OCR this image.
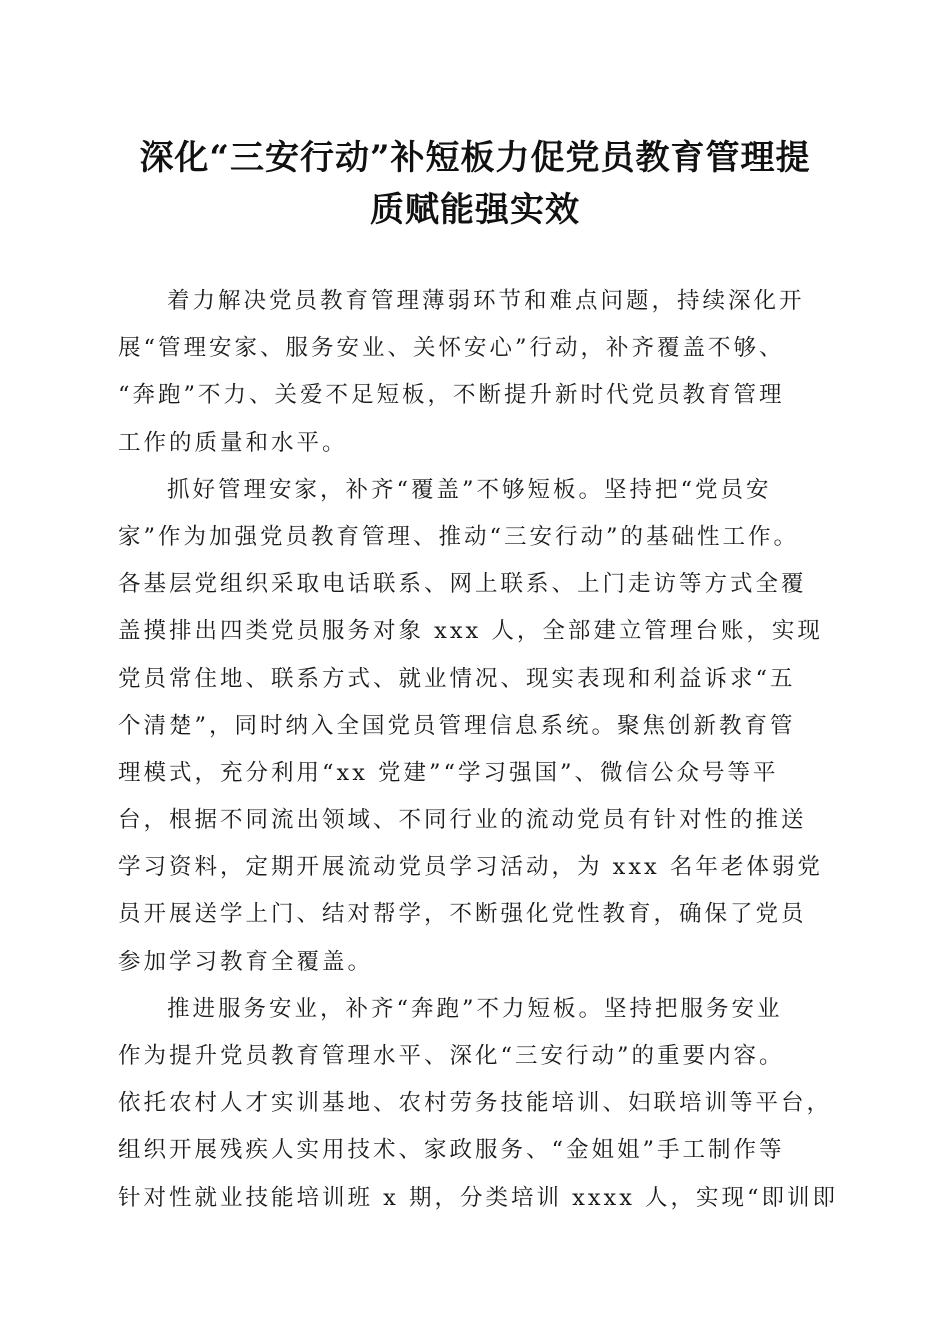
深化“三安行动”补短板力促党员教育管理提
质赋能强实效
着力解决党员教育管理薄弱环节和难点问题，持续深化开
展“管理安家、服务安业、关怀安心”行动，补齐覆盖不够、
“奔跑”不力、关爱不足短板，不断提升新时代党员教育管理
工作的质量和水平。
抓好管理安家，补齐“覆盖”不够短板。坚持把“党员安
家”作为加强党员教育管理、推动“三安行动”的基础性工作。
各基层党组织采取电话联系、网上联系、上门走访等方式全覆
盖摸排出四类党员服务对象 xxx 人，全部建立管理台账，实现
党员常住地、联系方式、就业情况、现实表现和利益诉求“五
个清楚”，同时纳入全国党员管理信息系统。聚焦创新教育管
理模式，充分利用“xx 党建”“学习强国”、微信公众号等平
台，根据不同流出领域、不同行业的流动党员有针对性的推送
学习资料，定期开展流动党员学习活动，为 xxx 名年老体弱党
员开展送学上门、结对帮学，不断强化党性教育，确保了党员
参加学习教育全覆盖。
推进服务安业，补齐“奔跑”不力短板。坚持把服务安业
作为提升党员教育管理水平、深化“三安行动”的重要内容。
依托农村人才实训基地、农村劳务技能培训、妇联培训等平台，
组织开展残疾人实用技术、家政服务、“金姐姐”手工制作等
针对性就业技能培训班 x 期，分类培训 xxxx 人，实现“即训即
